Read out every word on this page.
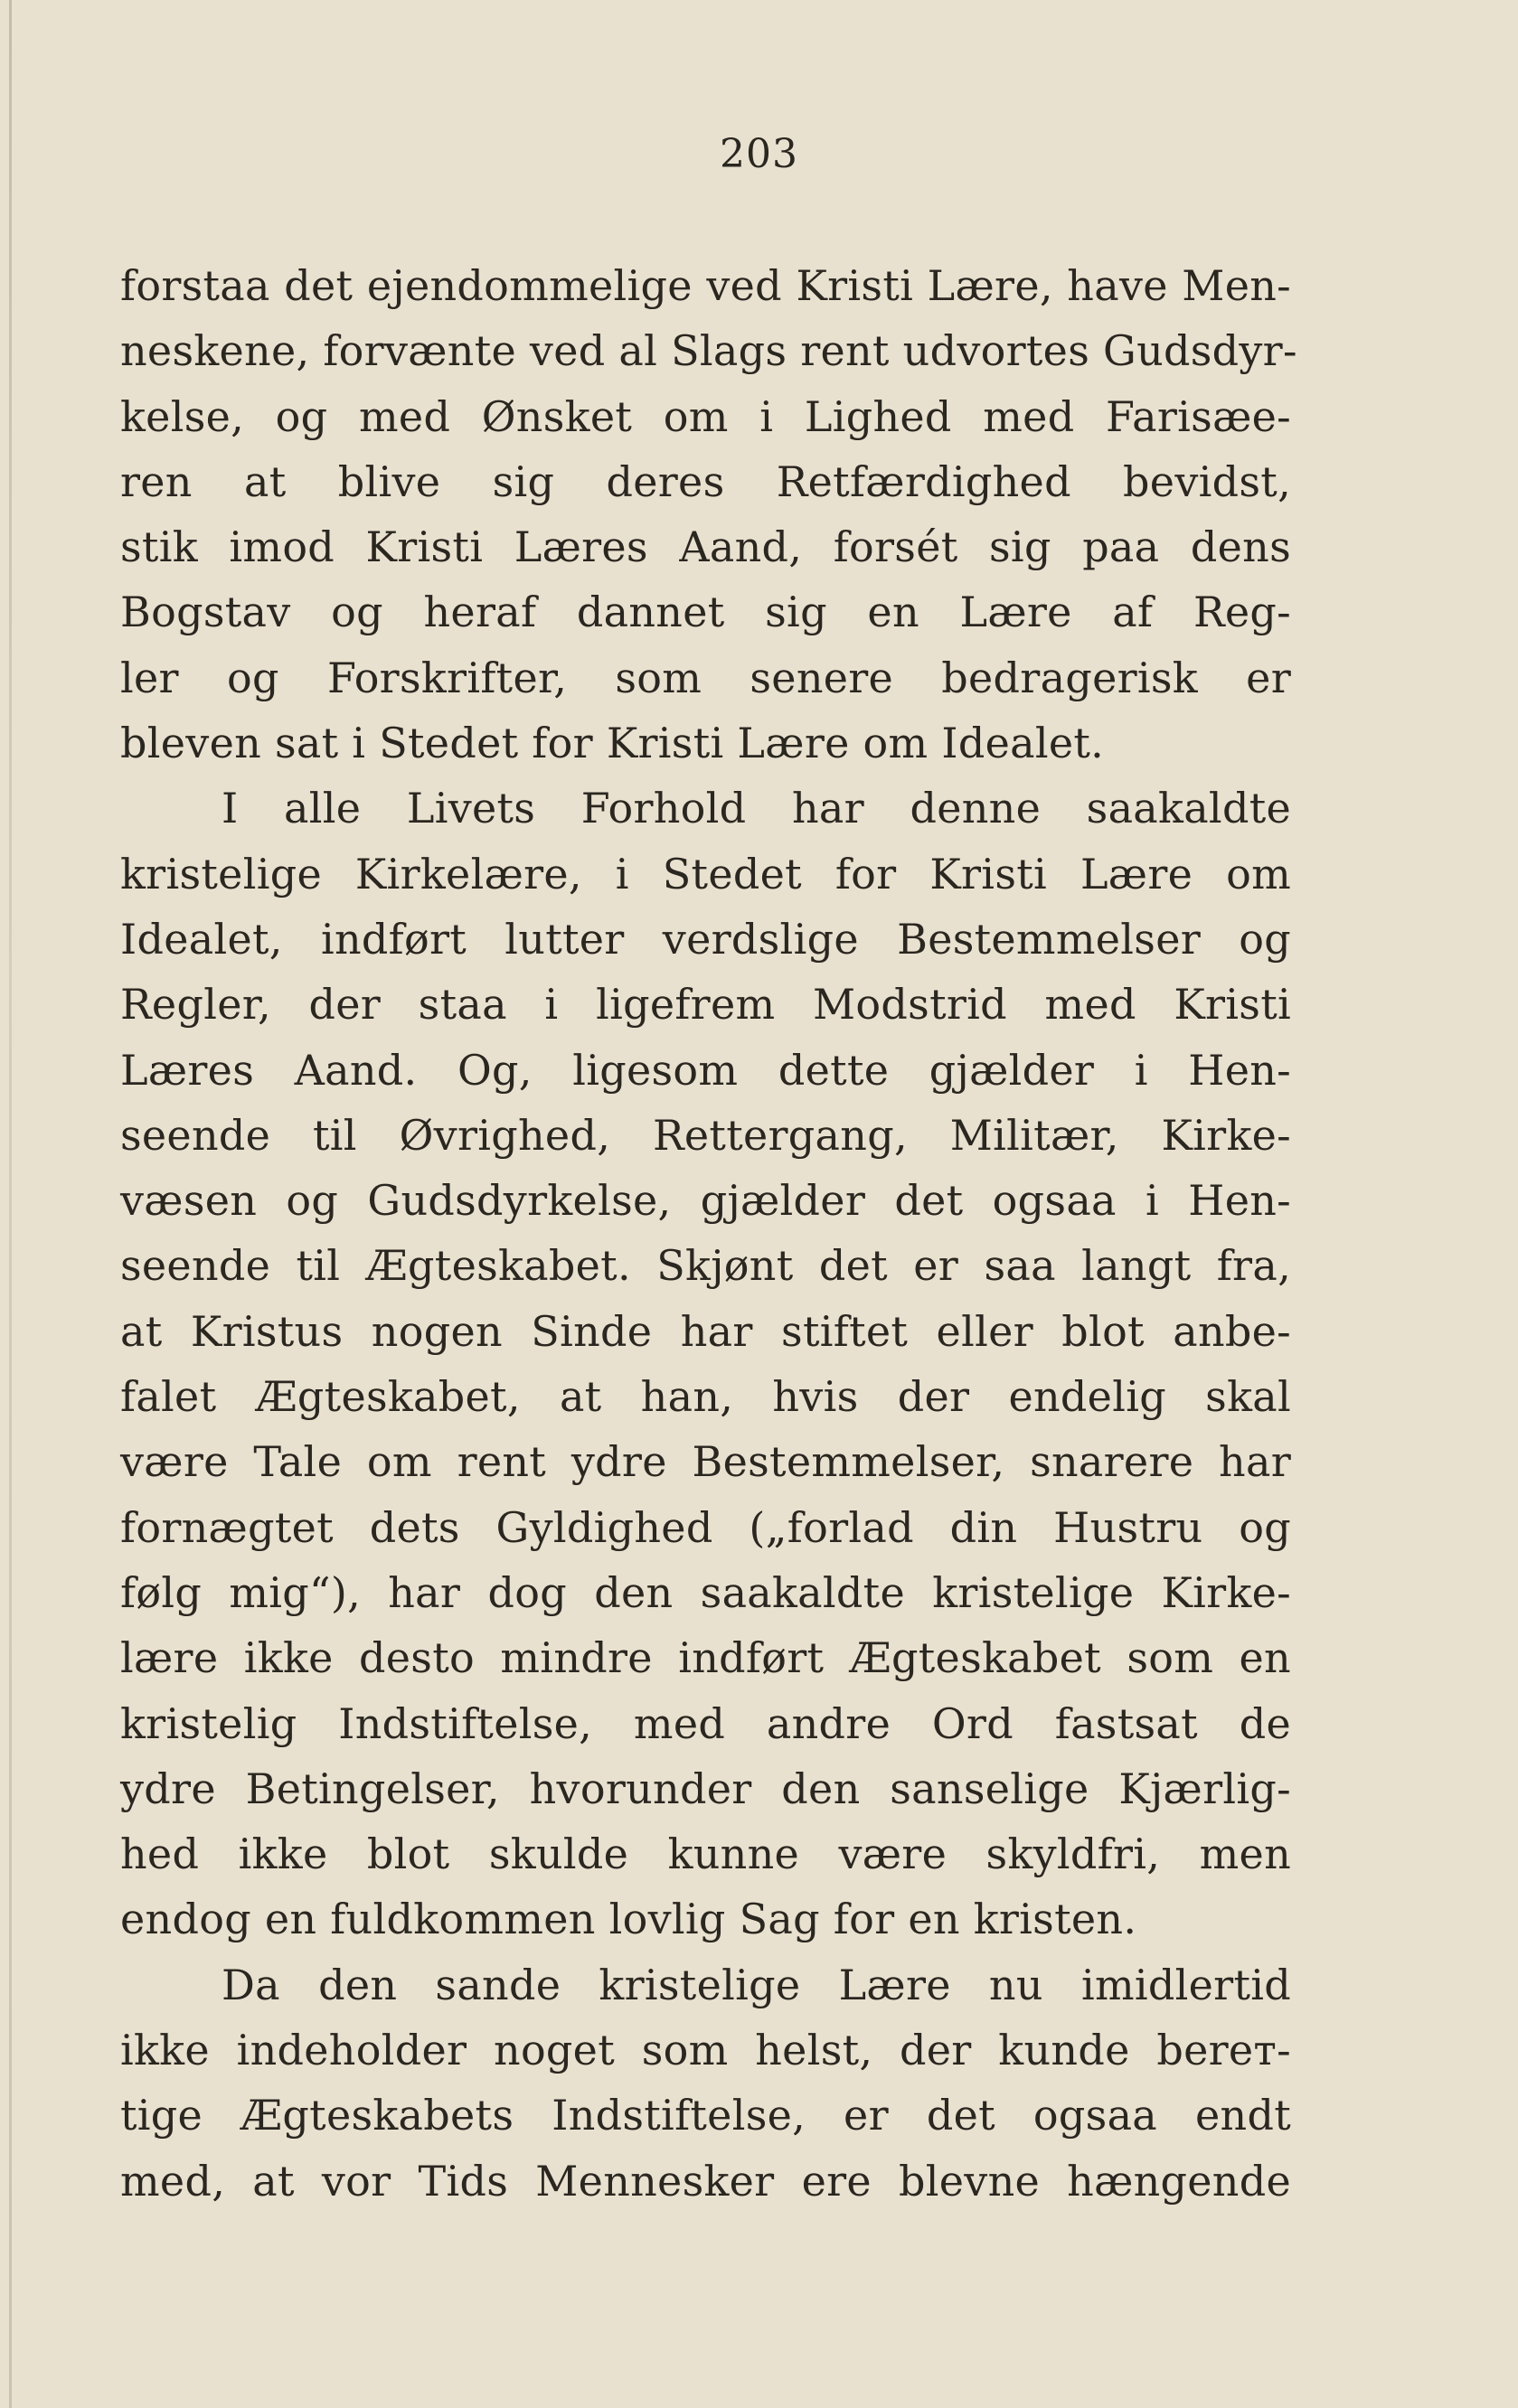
203
forstaa det ejendommelige ved Kristi Lære, have Men-
neskene, forvænte ved al Slags rent udvortes Gudsdyr-
kelse, og med Ønsket om i Lighed med Farisæe-
ren at blive sig deres Retfærdighed bevidst,
stik imod Kristi Læres Aand, forsét sig paa dens
Bogstav og heraf dannet sig en Lære af Reg-
ler og Forskrifter, som senere bedragerisk er
bleven sat i Stedet for Kristi Lære om Idealet.
I alle Livets Forhold har denne saakaldte
kristelige Kirkelære, i Stedet for Kristi Lære om
Idealet, indført lutter verdslige Bestemmelser og
Regler, der staa i ligefrem Modstrid med Kristi
Læres Aand. Og, ligesom dette gjælder i Hen-
seende til Øvrighed, Rettergang, Militær, Kirke-
væsen og Gudsdyrkelse, gjælder det ogsaa i Hen-
seende til Ægteskabet. Skjønt det er saa langt fra,
at Kristus nogen Sinde har stiftet eller blot anbe-
falet Ægteskabet, at han, hvis der endelig skal
være Tale om rent ydre Bestemmelser, snarere har
fornægtet dets Gyldighed („forlad din Hustru og
følg mig“), har dog den saakaldte kristelige Kirke-
lære ikke desto mindre indført Ægteskabet som en
kristelig Indstiftelse, med andre Ord fastsat de
ydre Betingelser, hvorunder den sanselige Kjærlig-
hed ikke blot skulde kunne være skyldfri, men
endog en fuldkommen lovlig Sag for en kristen.
Da den sande kristelige Lære nu imidlertid
ikke indeholder noget som helst, der kunde berет-
tige Ægteskabets Indstiftelse, er det ogsaa endt
med, at vor Tids Mennesker ere blevne hængende
